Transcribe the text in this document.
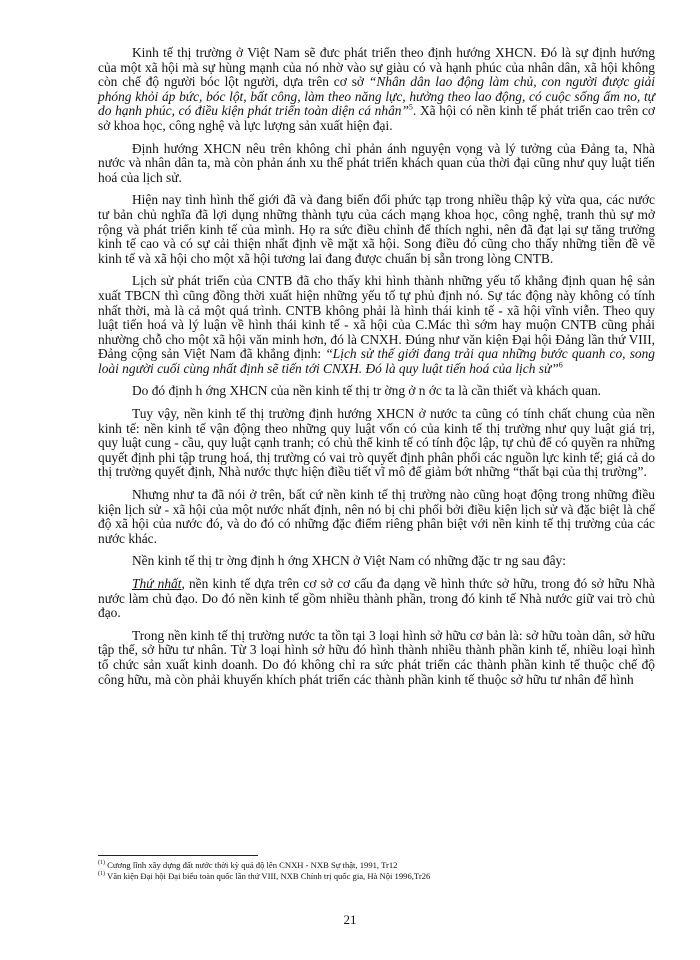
Kinh tế thị trường ở Việt Nam sẽ đưc phát triển theo định hướng XHCN. Đó là sự định hướng của một xã hội mà sự hùng mạnh của nó nhờ vào sự giàu có và hạnh phúc của nhân dân, xã hội không còn chế độ người bóc lột người, dựa trên cơ sở “Nhân dân lao động làm chủ, con người được giải phóng khỏi áp bức, bóc lột, bất công, làm theo năng lực, hưởng theo lao động, có cuộc sống ấm no, tự do hạnh phúc, có điều kiện phát triển toàn diện cá nhân”$^5$. Xã hội có nền kinh tế phát triển cao trên cơ sở khoa học, công nghệ và lực lượng sản xuất hiện đại.

Định hướng XHCN nêu trên không chỉ phản ánh nguyện vọng và lý tưởng của Đảng ta, Nhà nước và nhân dân ta, mà còn phản ánh xu thế phát triển khách quan của thời đại cũng như quy luật tiến hoá của lịch sử.

Hiện nay tình hình thế giới đã và đang biến đổi phức tạp trong nhiều thập kỷ vừa qua, các nước tư bản chủ nghĩa đã lợi dụng những thành tựu của cách mạng khoa học, công nghệ, tranh thủ sự mở rộng và phát triển kinh tế của mình. Họ ra sức điều chỉnh để thích nghi, nên đã đạt lại sự tăng trưởng kinh tế cao và có sự cải thiện nhất định về mặt xã hội. Song điều đó cũng cho thấy những tiền đề về kinh tế và xã hội cho một xã hội tương lai đang được chuẩn bị sẵn trong lòng CNTB.

Lịch sử phát triển của CNTB đã cho thấy khi hình thành những yếu tố khẳng định quan hệ sản xuất TBCN thì cũng đồng thời xuất hiện những yếu tố tự phủ định nó. Sự tác động này không có tính nhất thời, mà là cả một quá trình. CNTB không phải là hình thái kinh tế - xã hội vĩnh viễn. Theo quy luật tiến hoá và lý luận về hình thái kinh tế - xã hội của C.Mác thì sớm hay muộn CNTB cũng phải nhường chỗ cho một xã hội văn minh hơn, đó là CNXH. Đúng như văn kiện Đại hội Đảng lần thứ VIII, Đảng cộng sản Việt Nam đã khẳng định: “Lịch sử thế giới đang trải qua những bước quanh co, song loài người cuối cùng nhất định sẽ tiến tới CNXH. Đó là quy luật tiến hoá của lịch sử”$^6$

Do đó định h ớng XHCN của nền kinh tế thị tr ờng ở n ớc ta là cần thiết và khách quan.

Tuy vậy, nền kinh tế thị trường định hướng XHCN ở nước ta cũng có tính chất chung của nền kinh tế: nền kinh tế vận động theo những quy luật vốn có của kinh tế thị trường như quy luật giá trị, quy luật cung - cầu, quy luật cạnh tranh; có chủ thể kinh tế có tính độc lập, tự chủ để có quyền ra những quyết định phi tập trung hoá, thị trường có vai trò quyết định phân phối các nguồn lực kinh tế; giá cả do thị trường quyết định, Nhà nước thực hiện điều tiết vĩ mô để giảm bớt những “thất bại của thị trường”.

Nhưng như ta đã nói ở trên, bất cứ nền kinh tế thị trường nào cũng hoạt động trong những điều kiện lịch sử - xã hội của một nước nhất định, nên nó bị chi phối bởi điều kiện lịch sử và đặc biệt là chế độ xã hội của nước đó, và do đó có những đặc điểm riêng phân biệt với nền kinh tế thị trường của các nước khác.

Nền kinh tế thị tr ờng định h ớng XHCN ở Việt Nam có những đặc tr ng sau đây:

Thứ nhất, nền kinh tế dựa trên cơ sở cơ cấu đa dạng về hình thức sở hữu, trong đó sở hữu Nhà nước làm chủ đạo. Do đó nền kinh tế gồm nhiều thành phần, trong đó kinh tế Nhà nước giữ vai trò chủ đạo.

Trong nền kinh tế thị trường nước ta tồn tại 3 loại hình sở hữu cơ bản là: sở hữu toàn dân, sở hữu tập thể, sở hữu tư nhân. Từ 3 loại hình sở hữu đó hình thành nhiều thành phần kinh tế, nhiều loại hình tổ chức sản xuất kinh doanh. Do đó không chỉ ra sức phát triển các thành phần kinh tế thuộc chế độ công hữu, mà còn phải khuyến khích phát triển các thành phần kinh tế thuộc sở hữu tư nhân để hình

$^{(1)}$ Cương lĩnh xây dựng đất nước thời kỳ quá độ lên CNXH - NXB Sự thật, 1991, Tr12
$^{(1)}$ Văn kiện Đại hội Đại biểu toàn quốc lần thứ VIII, NXB Chính trị quốc gia, Hà Nội 1996,Tr26
21
